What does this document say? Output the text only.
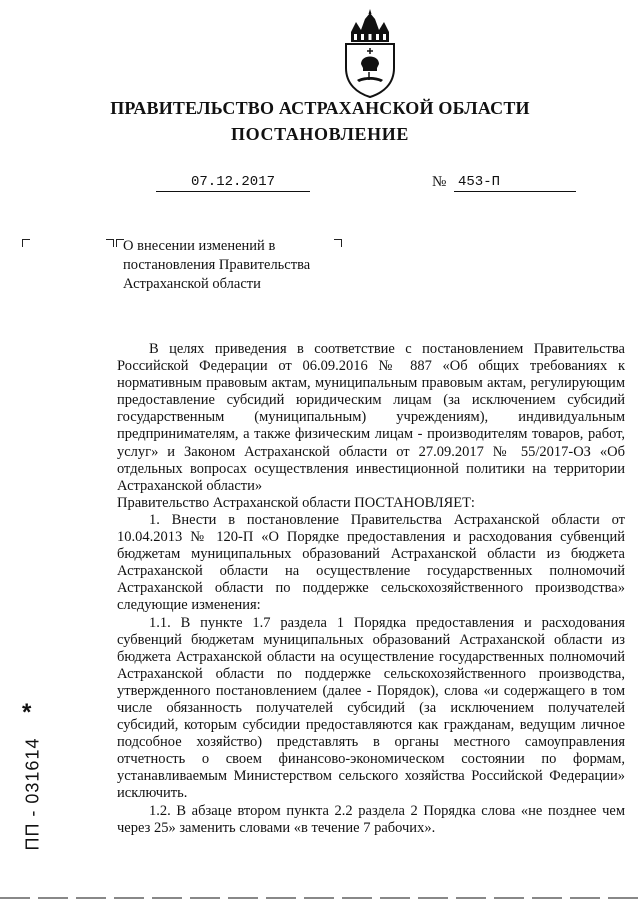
ПРАВИТЕЛЬСТВО АСТРАХАНСКОЙ ОБЛАСТИ
ПОСТАНОВЛЕНИЕ
07.12.2017	№ 453-П
О внесении изменений в постановления Правительства Астраханской области

В целях приведения в соответствие с постановлением Правительства Российской Федерации от 06.09.2016 № 887 «Об общих требованиях к нормативным правовым актам, муниципальным правовым актам, регулирующим предоставление субсидий юридическим лицам (за исключением субсидий государственным (муниципальным) учреждениям), индивидуальным предпринимателям, а также физическим лицам - производителям товаров, работ, услуг» и Законом Астраханской области от 27.09.2017 № 55/2017-ОЗ «Об отдельных вопросах осуществления инвестиционной политики на территории Астраханской области»

Правительство Астраханской области ПОСТАНОВЛЯЕТ:

1. Внести в постановление Правительства Астраханской области от 10.04.2013 № 120-П «О Порядке предоставления и расходования субвенций бюджетам муниципальных образований Астраханской области из бюджета Астраханской области на осуществление государственных полномочий Астраханской области по поддержке сельскохозяйственного производства» следующие изменения:

1.1. В пункте 1.7 раздела 1 Порядка предоставления и расходования субвенций бюджетам муниципальных образований Астраханской области из бюджета Астраханской области на осуществление государственных полномочий Астраханской области по поддержке сельскохозяйственного производства, утвержденного постановлением (далее - Порядок), слова «и содержащего в том числе обязанность получателей субсидий (за исключением получателей субсидий, которым субсидии предоставляются как гражданам, ведущим личное подсобное хозяйство) представлять в органы местного самоуправления отчетность о своем финансово-экономическом состоянии по формам, устанавливаемым Министерством сельского хозяйства Российской Федерации» исключить.

1.2. В абзаце втором пункта 2.2 раздела 2 Порядка слова «не позднее чем через 25» заменить словами «в течение 7 рабочих».

*
ПП - 031614
